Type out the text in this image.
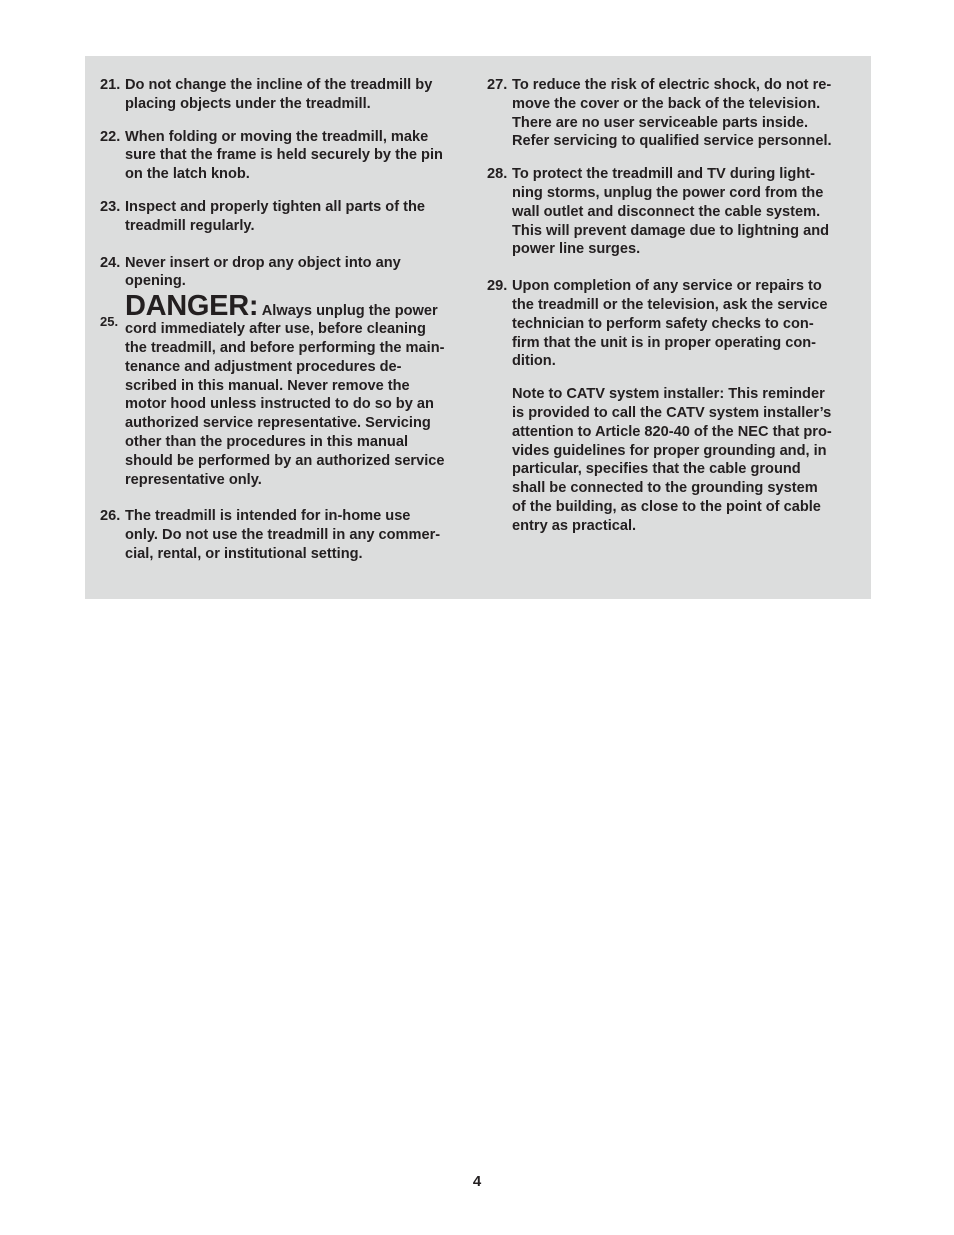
21. Do not change the incline of the treadmill by
placing objects under the treadmill.
22. When folding or moving the treadmill, make
sure that the frame is held securely by the pin
on the latch knob.
23. Inspect and properly tighten all parts of the
treadmill regularly.
24. Never insert or drop any object into any
opening.
25. DANGER: Always unplug the power
cord immediately after use, before cleaning
the treadmill, and before performing the main-
tenance and adjustment procedures de-
scribed in this manual. Never remove the
motor hood unless instructed to do so by an
authorized service representative. Servicing
other than the procedures in this manual
should be performed by an authorized service
representative only.
26. The treadmill is intended for in-home use
only. Do not use the treadmill in any commer-
cial, rental, or institutional setting.
27. To reduce the risk of electric shock, do not re-
move the cover or the back of the television.
There are no user serviceable parts inside.
Refer servicing to qualified service personnel.
28. To protect the treadmill and TV during light-
ning storms, unplug the power cord from the
wall outlet and disconnect the cable system.
This will prevent damage due to lightning and
power line surges.
29. Upon completion of any service or repairs to
the treadmill or the television, ask the service
technician to perform safety checks to con-
firm that the unit is in proper operating con-
dition.
Note to CATV system installer: This reminder
is provided to call the CATV system installer’s
attention to Article 820-40 of the NEC that pro-
vides guidelines for proper grounding and, in
particular, specifies that the cable ground
shall be connected to the grounding system
of the building, as close to the point of cable
entry as practical.
4
